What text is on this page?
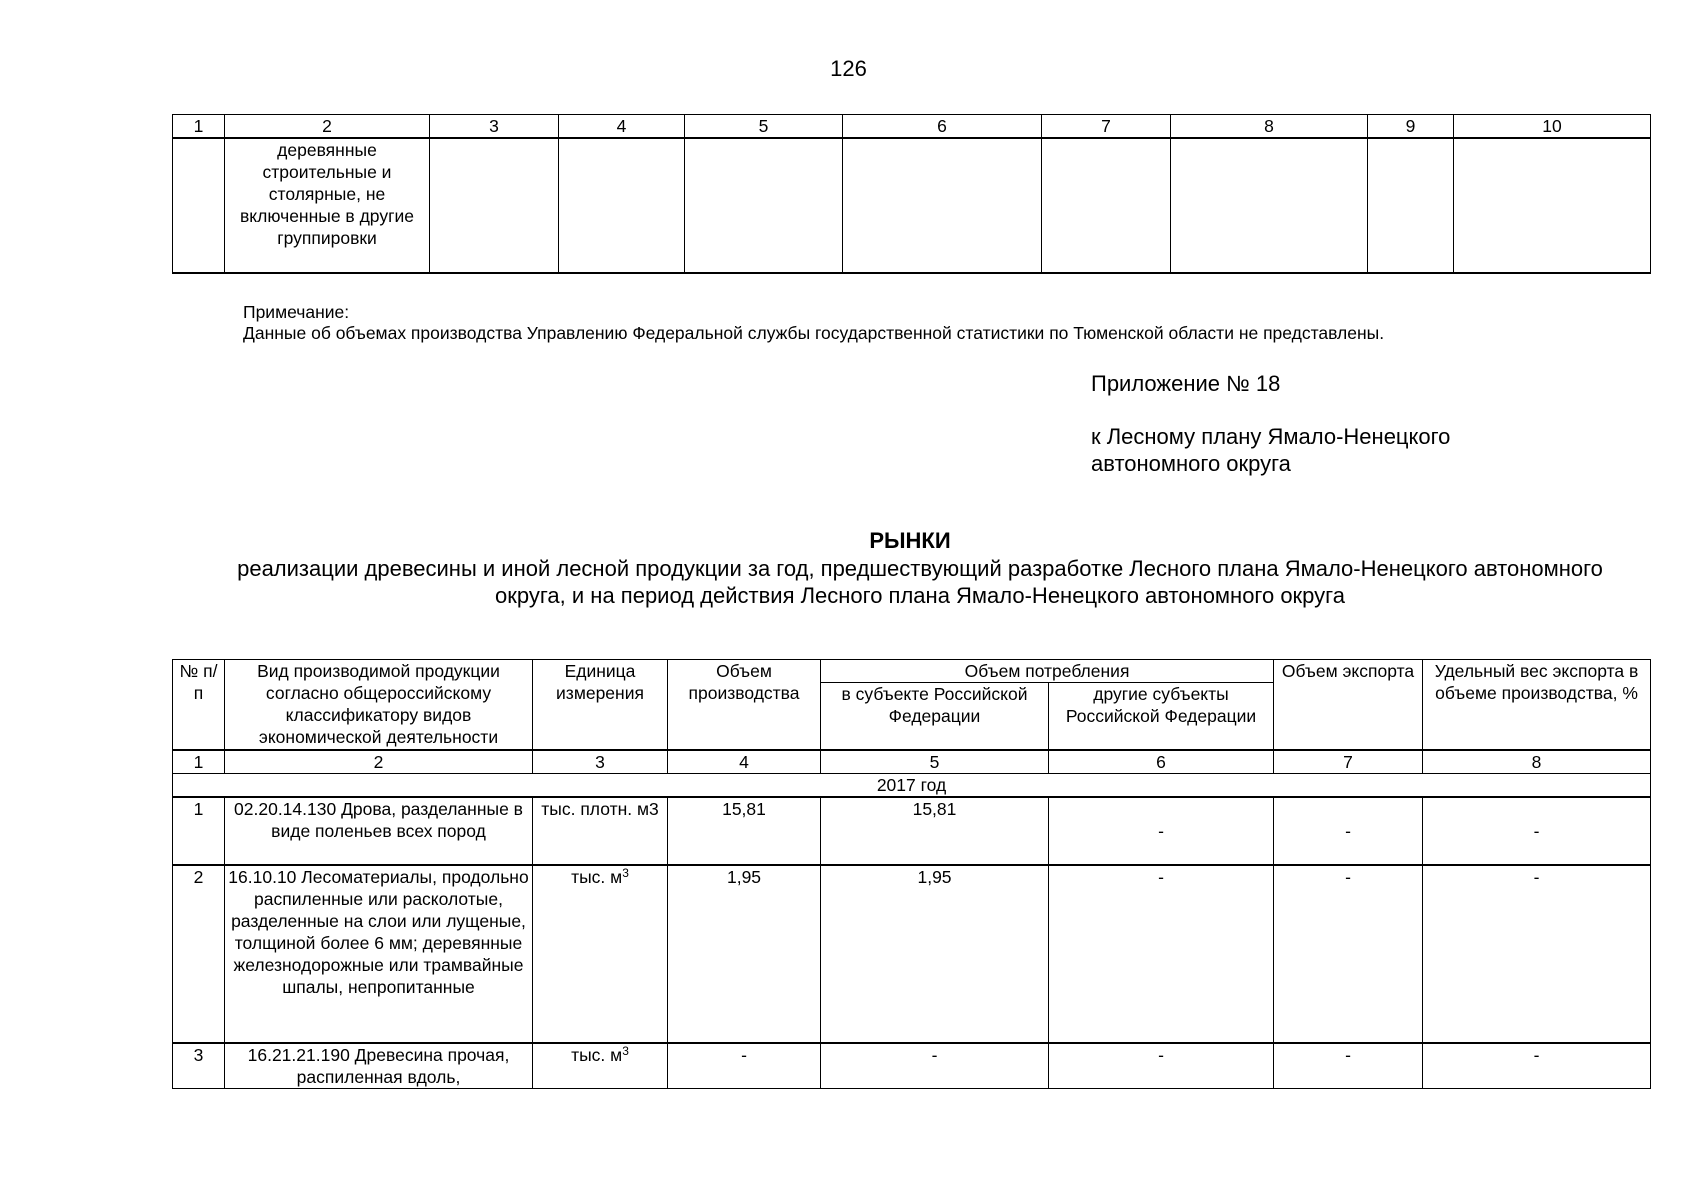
126
1	2	3	4	5	6	7	8	9	10
	деревянные строительные и столярные, не включенные в другие группировки								
Примечание:
Данные об объемах производства Управлению Федеральной службы государственной статистики по Тюменской области не представлены.
Приложение № 18
к Лесному плану Ямало-Ненецкого
автономного округа
РЫНКИ
реализации древесины и иной лесной продукции за год, предшествующий разработке Лесного плана Ямало-Ненецкого автономного округа, и на период действия Лесного плана Ямало-Ненецкого автономного округа
№ п/п	Вид производимой продукции согласно общероссийскому классификатору видов экономической деятельности	Единица измерения	Объем производства	Объем потребления		Объем экспорта	Удельный вес экспорта в объеме производства, %
				в субъекте Российской Федерации	другие субъекты Российской Федерации		
1	2	3	4	5	6	7	8
2017 год							
1	02.20.14.130 Дрова, разделанные в виде поленьев всех пород	тыс. плотн. м3	15,81	15,81	-	-	-
2	16.10.10 Лесоматериалы, продольно распиленные или расколотые, разделенные на слои или лущеные, толщиной более 6 мм; деревянные железнодорожные или трамвайные шпалы, непропитанные	тыс. $м^3$	1,95	1,95	-	-	-
3	16.21.21.190 Древесина прочая, распиленная вдоль,	тыс. $м^3$	-	-	-	-	-
